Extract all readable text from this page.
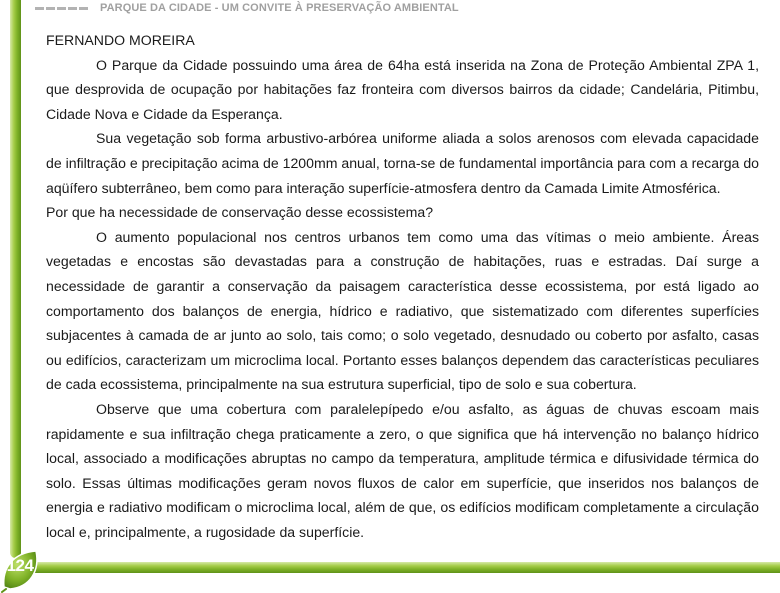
PARQUE DA CIDADE - UM CONVITE À PRESERVAÇÃO AMBIENTAL

FERNANDO MOREIRA

O Parque da Cidade possuindo uma área de 64ha está inserida na Zona de Proteção Ambiental ZPA 1, que desprovida de ocupação por habitações faz fronteira com diversos bairros da cidade; Candelária, Pitimbu, Cidade Nova e Cidade da Esperança.

Sua vegetação sob forma arbustivo-arbórea uniforme aliada a solos arenosos com elevada capacidade de infiltração e precipitação acima de 1200mm anual, torna-se de fundamental importância para com a recarga do aqüífero subterrâneo, bem como para interação superfície-atmosfera dentro da Camada Limite Atmosférica.

Por que ha necessidade de conservação desse ecossistema?

O aumento populacional nos centros urbanos tem como uma das vítimas o meio ambiente. Áreas vegetadas e encostas são devastadas para a construção de habitações, ruas e estradas. Daí surge a necessidade de garantir a conservação da paisagem característica desse ecossistema, por está ligado ao comportamento dos balanços de energia, hídrico e radiativo, que sistematizado com diferentes superfícies subjacentes à camada de ar junto ao solo, tais como; o solo vegetado, desnudado ou coberto por asfalto, casas ou edifícios, caracterizam um microclima local. Portanto esses balanços dependem das características peculiares de cada ecossistema, principalmente na sua estrutura superficial, tipo de solo e sua cobertura.

Observe que uma cobertura com paralelepípedo e/ou asfalto, as águas de chuvas escoam mais rapidamente e sua infiltração chega praticamente a zero, o que significa que há intervenção no balanço hídrico local, associado a modificações abruptas no campo da temperatura, amplitude térmica e difusividade térmica do solo. Essas últimas modificações geram novos fluxos de calor em superfície, que inseridos nos balanços de energia e radiativo modificam o microclima local, além de que, os edifícios modificam completamente a circulação local e, principalmente, a rugosidade da superfície.

124
